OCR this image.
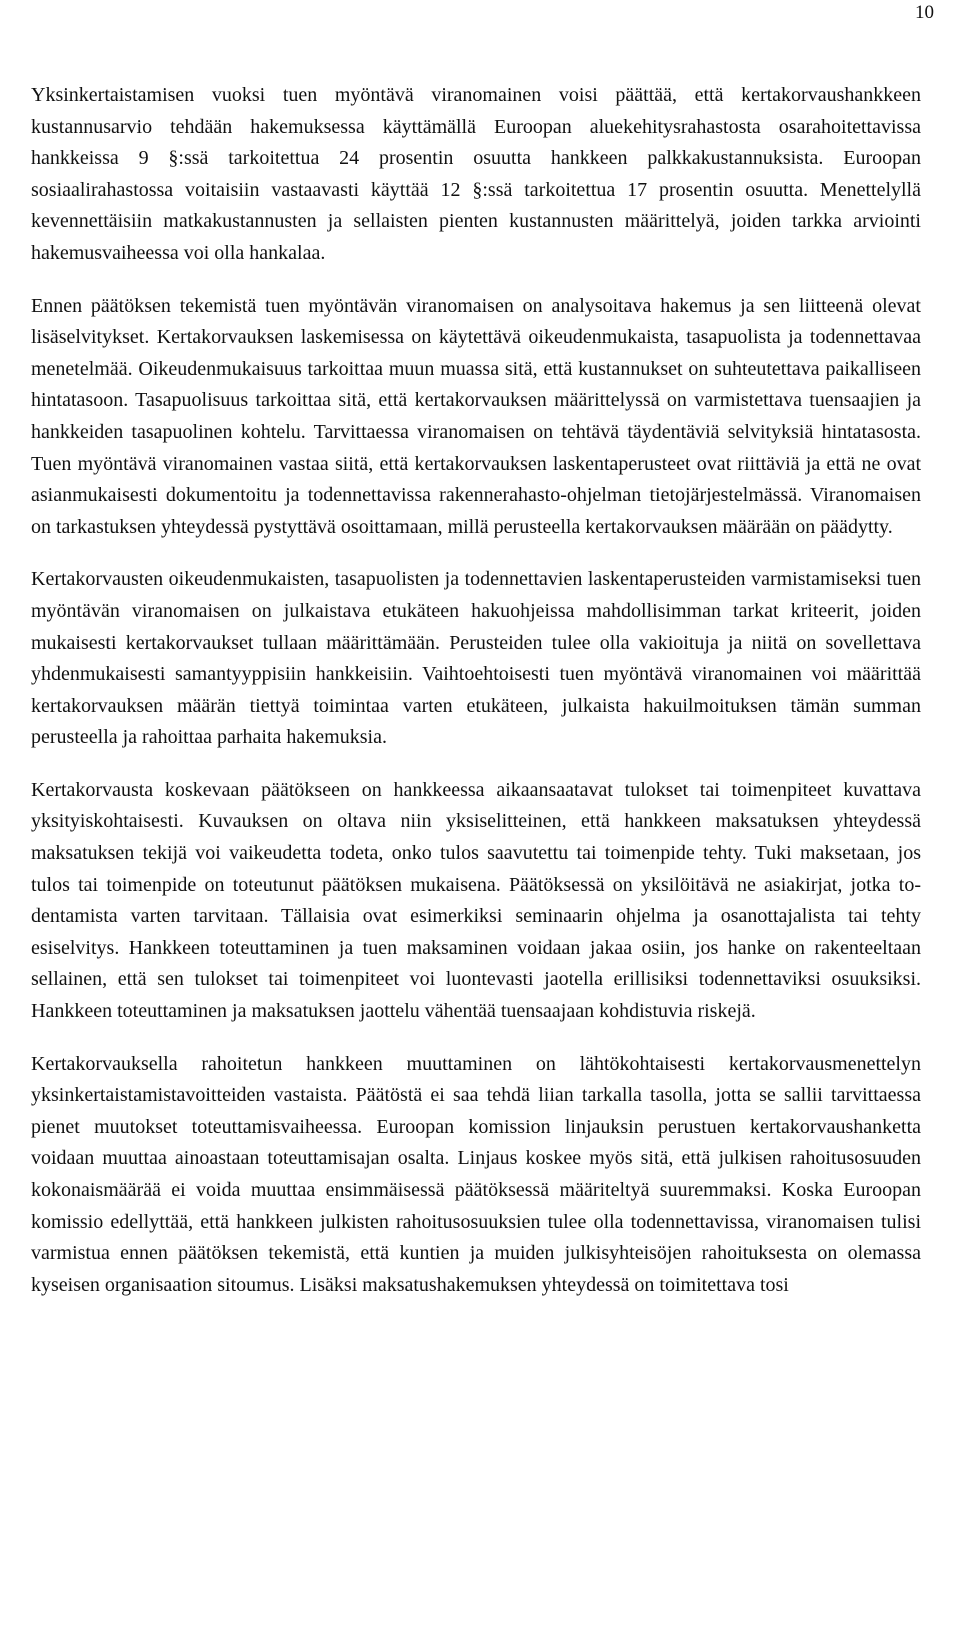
10

Yksinkertaistamisen vuoksi tuen myöntävä viranomainen voisi päättää, että kertakorvaushankkeen kustannusarvio tehdään hakemuksessa käyttämällä Euroopan aluekehitysrahastosta osarahoitettavissa hankkeissa 9 §:ssä tarkoitettua 24 prosentin osuutta hankkeen palkkakustannuksista. Euroopan sosiaalirahastossa voitaisiin vastaavasti käyttää 12 §:ssä tarkoitettua 17 prosentin osuutta. Menettelyllä kevennettäisiin matkakustannusten ja sellaisten pienten kustannusten määrittelyä, joiden tarkka arviointi hakemusvaiheessa voi olla hankalaa.

Ennen päätöksen tekemistä tuen myöntävän viranomaisen on analysoitava hakemus ja sen liitteenä olevat lisäselvitykset. Kertakorvauksen laskemisessa on käytettävä oikeudenmukaista, tasapuolista ja todennettavaa menetelmää. Oikeudenmukaisuus tarkoittaa muun muassa sitä, että kustannukset on suhteutettava paikalliseen hintatasoon. Tasapuolisuus tarkoittaa sitä, että kertakorvauksen määrittelyssä on varmistettava tuensaajien ja hankkeiden tasapuolinen kohtelu. Tarvittaessa viranomaisen on tehtävä täydentäviä selvityksiä hintatasosta. Tuen myöntävä viranomainen vastaa siitä, että kertakorvauksen laskentaperusteet ovat riittäviä ja että ne ovat asianmukaisesti dokumentoitu ja todennettavissa rakennerahasto-ohjelman tietojärjestelmässä. Viranomaisen on tarkastuksen yhteydessä pystyttävä osoittamaan, millä perusteella kertakorvauksen määrään on päädytty.

Kertakorvausten oikeudenmukaisten, tasapuolisten ja todennettavien laskentaperusteiden varmistamiseksi tuen myöntävän viranomaisen on julkaistava etukäteen hakuohjeissa mahdollisimman tarkat kriteerit, joiden mukaisesti kertakorvaukset tullaan määrittämään. Perusteiden tulee olla vakioituja ja niitä on sovellettava yhdenmukaisesti samantyyppisiin hankkeisiin. Vaihtoehtoisesti tuen myöntävä viranomainen voi määrittää kertakorvauksen määrän tiettyä toimintaa varten etukäteen, julkaista hakuilmoituksen tämän summan perusteella ja rahoittaa parhaita hakemuksia.

Kertakorvausta koskevaan päätökseen on hankkeessa aikaansaatavat tulokset tai toimenpiteet kuvattava yksityiskohtaisesti. Kuvauksen on oltava niin yksiselitteinen, että hankkeen maksatuksen yhteydessä maksatuksen tekijä voi vaikeudetta todeta, onko tulos saavutettu tai toimenpide tehty. Tuki maksetaan, jos tulos tai toimenpide on toteutunut päätöksen mukaisena. Päätöksessä on yksilöitävä ne asiakirjat, jotka todentamista varten tarvitaan. Tällaisia ovat esimerkiksi seminaarin ohjelma ja osanottajalista tai tehty esiselvitys. Hankkeen toteuttaminen ja tuen maksaminen voidaan jakaa osiin, jos hanke on rakenteeltaan sellainen, että sen tulokset tai toimenpiteet voi luontevasti jaotella erillisiksi todennettaviksi osuuksiksi. Hankkeen toteuttaminen ja maksatuksen jaottelu vähentää tuensaajaan kohdistuvia riskejä.

Kertakorvauksella rahoitetun hankkeen muuttaminen on lähtökohtaisesti kertakorvausmenettelyn yksinkertaistamistavoitteiden vastaista. Päätöstä ei saa tehdä liian tarkalla tasolla, jotta se sallii tarvittaessa pienet muutokset toteuttamisvaiheessa. Euroopan komission linjauksin perustuen kertakorvaushanketta voidaan muuttaa ainoastaan toteuttamisajan osalta. Linjaus koskee myös sitä, että julkisen rahoitusosuuden kokonaismäärää ei voida muuttaa ensimmäisessä päätöksessä määriteltyä suuremmaksi. Koska Euroopan komissio edellyttää, että hankkeen julkisten rahoitusosuuksien tulee olla todennettavissa, viranomaisen tulisi varmistua ennen päätöksen tekemistä, että kuntien ja muiden julkisyhteisöjen rahoituksesta on olemassa kyseisen organisaation sitoumus. Lisäksi maksatushakemuksen yhteydessä on toimitettava tosi
